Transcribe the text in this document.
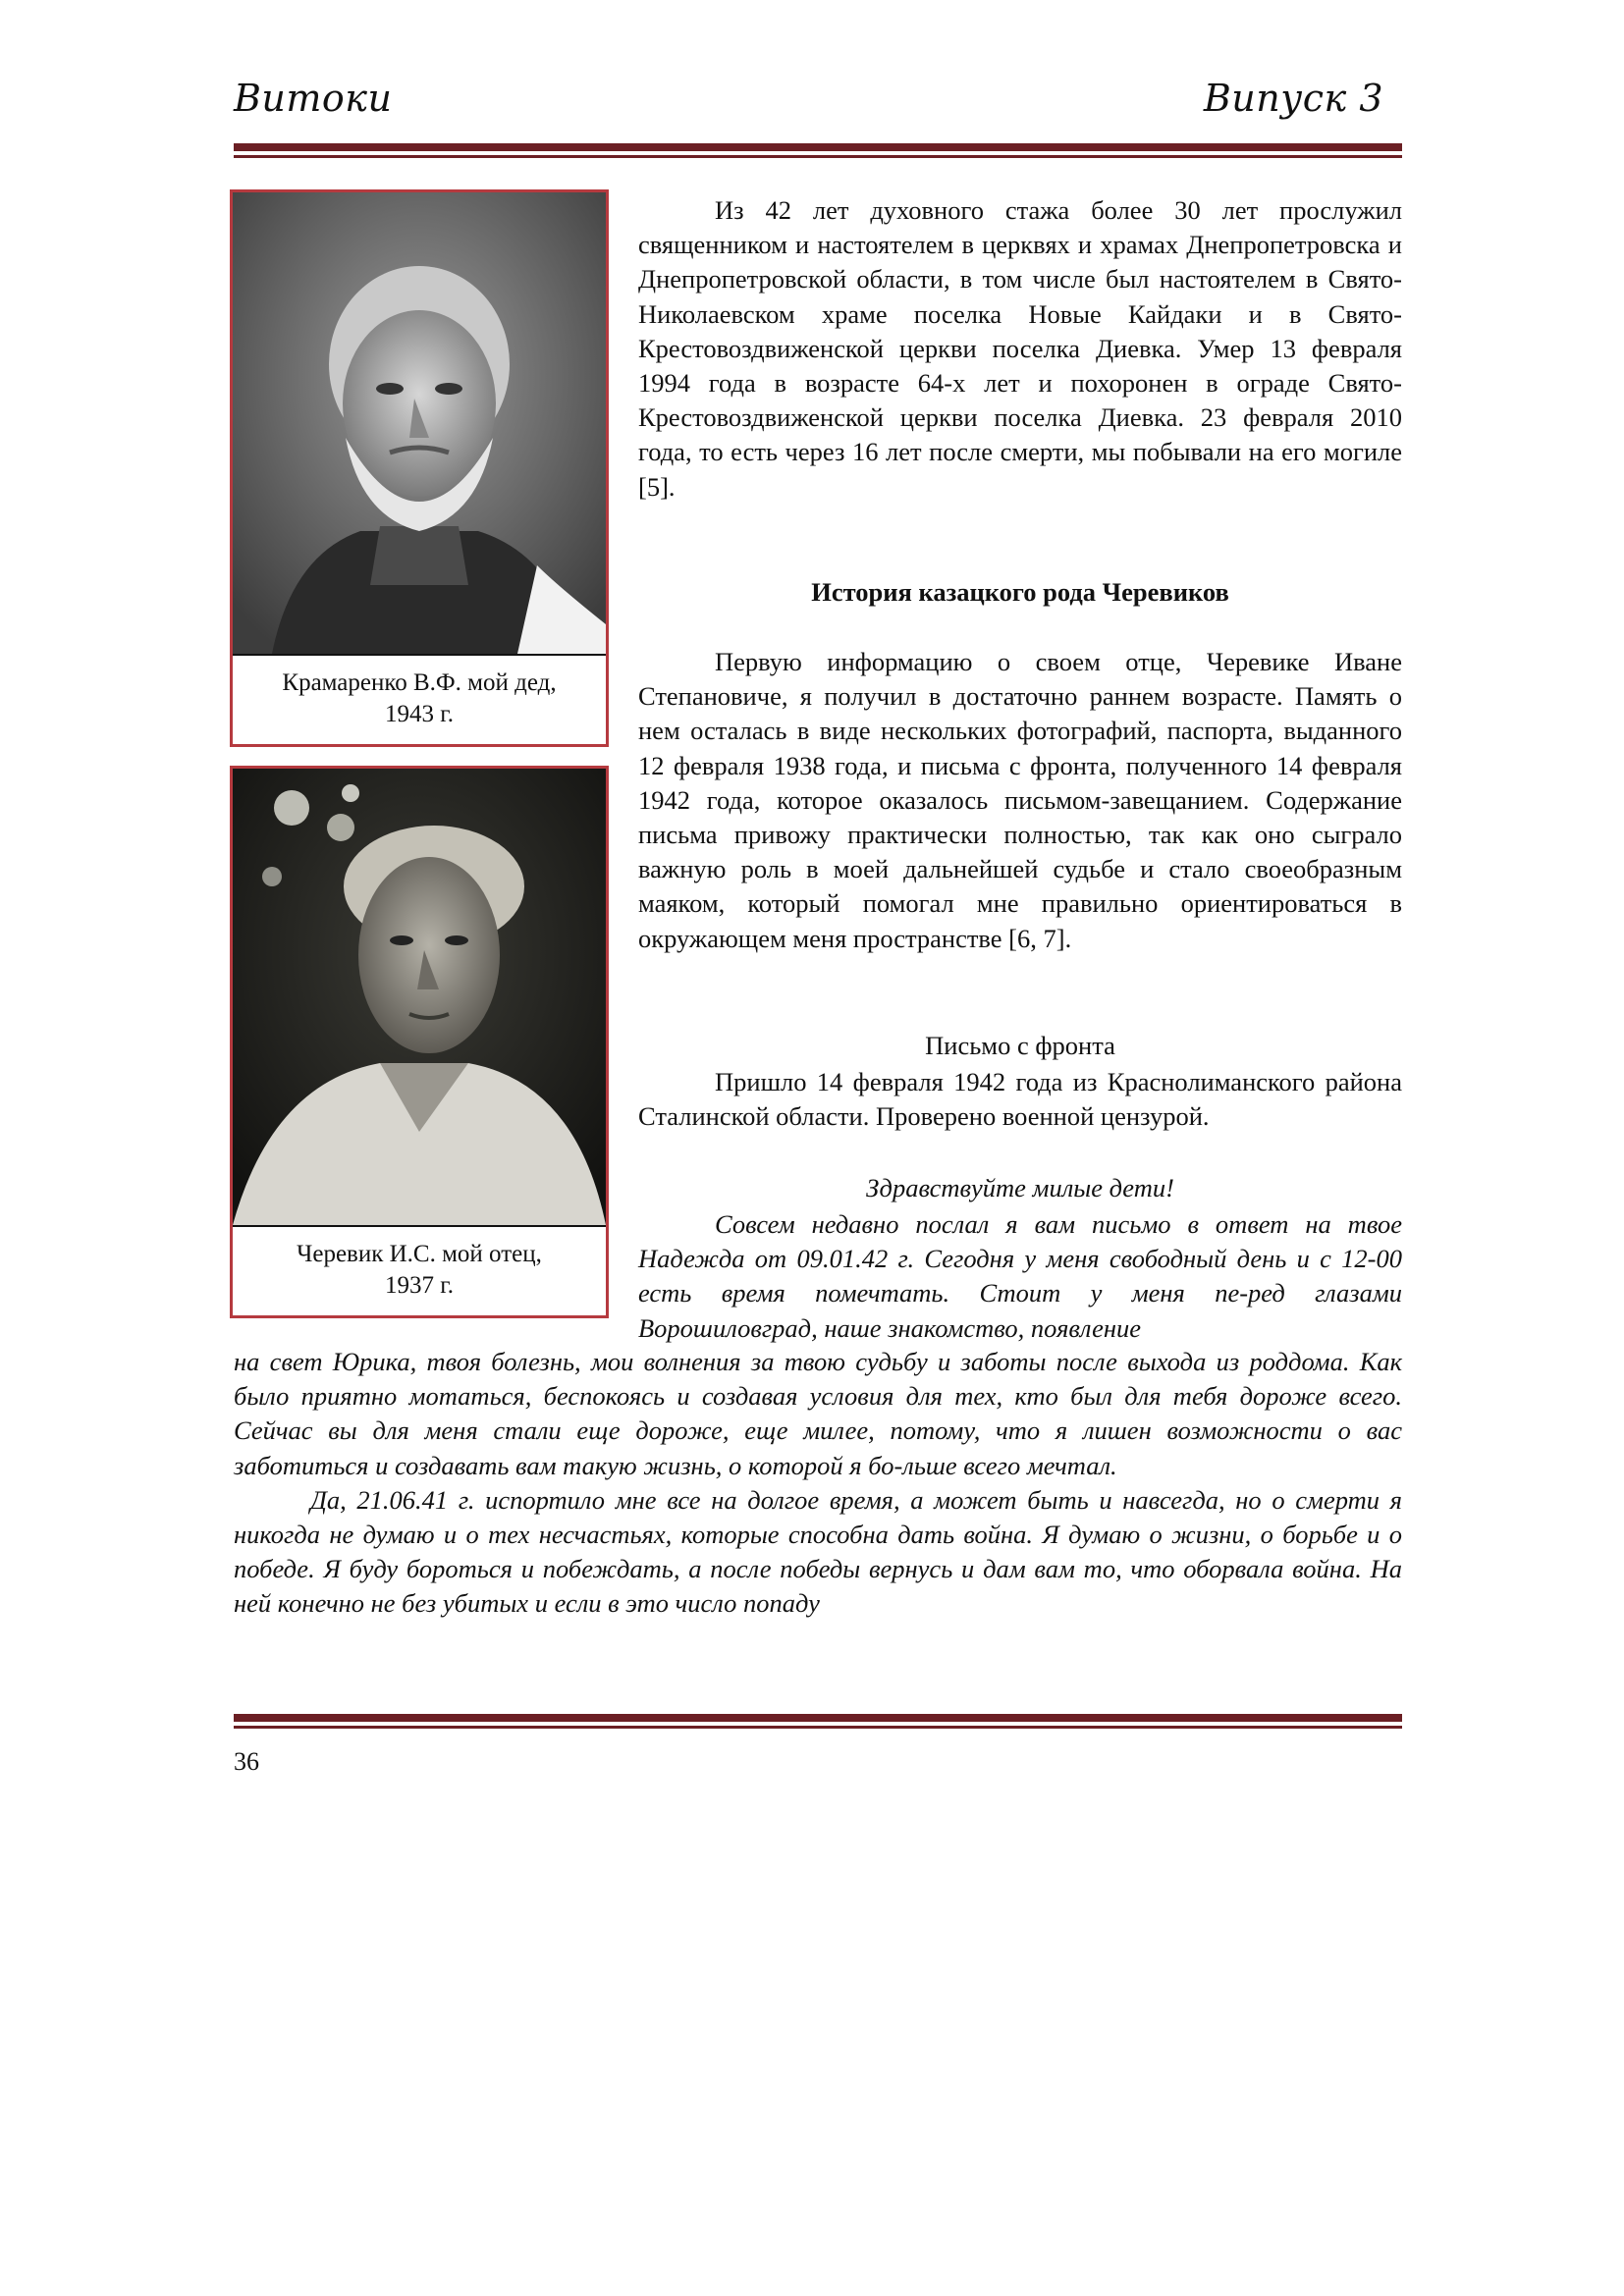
Витоки	Випуск 3
Крамаренко В.Ф. мой дед,
1943 г.
Черевик И.С. мой отец,
1937 г.

Из 42 лет духовного стажа более 30 лет прослужил священником и настоятелем в церквях и храмах Днепропетровска и Днепропетровской области, в том числе был настоятелем в Свято-Николаевском храме поселка Новые Кайдаки и в Свято-Крестовоздвиженской церкви поселка Диевка. Умер 13 февраля 1994 года в возрасте 64-х лет и похоронен в ограде Свято-Крестовоздвиженской церкви поселка Диевка. 23 февраля 2010 года, то есть через 16 лет после смерти, мы побывали на его могиле [5].

История казацкого рода Черевиков

Первую информацию о своем отце, Черевике Иване Степановиче, я получил в достаточно раннем возрасте. Память о нем осталась в виде нескольких фотографий, паспорта, выданного 12 февраля 1938 года, и письма с фронта, полученного 14 февраля 1942 года, которое оказалось письмом-завещанием. Содержание письма привожу практически полностью, так как оно сыграло важную роль в моей дальнейшей судьбе и стало своеобразным маяком, который помогал мне правильно ориентироваться в окружающем меня пространстве [6, 7].

Письмо с фронта

Пришло 14 февраля 1942 года из Краснолиманского района Сталинской области. Проверено военной цензурой.

Здравствуйте милые дети!

Совсем недавно послал я вам письмо в ответ на твое Надежда от 09.01.42 г. Сегодня у меня свободный день и с 12-00 есть время помечтать. Стоит у меня пе-ред глазами Ворошиловград, наше знакомство, появление

на свет Юрика, твоя болезнь, мои волнения за твою судьбу и заботы после выхода из роддома. Как было приятно мотаться, беспокоясь и создавая условия для тех, кто был для тебя дороже всего. Сейчас вы для меня стали еще дороже, еще милее, потому, что я лишен возможности о вас заботиться и создавать вам такую жизнь, о которой я бо-льше всего мечтал.

Да, 21.06.41 г. испортило мне все на долгое время, а может быть и навсегда, но о смерти я никогда не думаю и о тех несчастьях, которые способна дать война. Я думаю о жизни, о борьбе и о победе. Я буду бороться и побеждать, а после победы вернусь и дам вам то, что оборвала война. На ней конечно не без убитых и если в это число попаду

36
